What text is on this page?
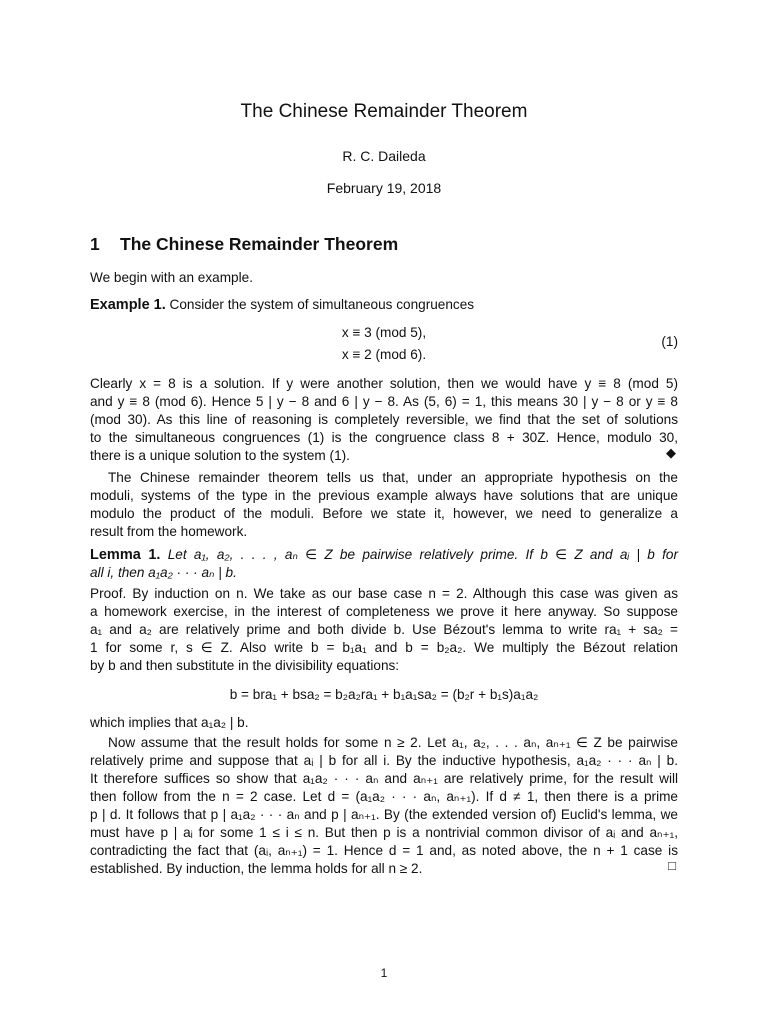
The Chinese Remainder Theorem
R. C. Daileda
February 19, 2018
1 The Chinese Remainder Theorem
We begin with an example.
Example 1. Consider the system of simultaneous congruences
x ≡ 3 (mod 5),
x ≡ 2 (mod 6).
(1)
Clearly x = 8 is a solution. If y were another solution, then we would have y ≡ 8 (mod 5)
and y ≡ 8 (mod 6). Hence 5 | y − 8 and 6 | y − 8. As (5, 6) = 1, this means 30 | y − 8 or y ≡ 8
(mod 30). As this line of reasoning is completely reversible, we find that the set of solutions
to the simultaneous congruences (1) is the congruence class 8 + 30Z. Hence, modulo 30,
there is a unique solution to the system (1).	◆
The Chinese remainder theorem tells us that, under an appropriate hypothesis on the
moduli, systems of the type in the previous example always have solutions that are unique
modulo the product of the moduli. Before we state it, however, we need to generalize a
result from the homework.
Lemma 1. Let a₁, a₂, . . . , aₙ ∈ Z be pairwise relatively prime. If b ∈ Z and aᵢ | b for
all i, then a₁a₂ · · · aₙ | b.
Proof. By induction on n. We take as our base case n = 2. Although this case was given as
a homework exercise, in the interest of completeness we prove it here anyway. So suppose
a₁ and a₂ are relatively prime and both divide b. Use Bézout's lemma to write ra₁ + sa₂ =
1 for some r, s ∈ Z. Also write b = b₁a₁ and b = b₂a₂. We multiply the Bézout relation
by b and then substitute in the divisibility equations:
b = bra₁ + bsa₂ = b₂a₂ra₁ + b₁a₁sa₂ = (b₂r + b₁s)a₁a₂
which implies that a₁a₂ | b.
Now assume that the result holds for some n ≥ 2. Let a₁, a₂, . . . aₙ, aₙ₊₁ ∈ Z be pairwise
relatively prime and suppose that aᵢ | b for all i. By the inductive hypothesis, a₁a₂ · · · aₙ | b.
It therefore suffices so show that a₁a₂ · · · aₙ and aₙ₊₁ are relatively prime, for the result will
then follow from the n = 2 case. Let d = (a₁a₂ · · · aₙ, aₙ₊₁). If d ≠ 1, then there is a prime
p | d. It follows that p | a₁a₂ · · · aₙ and p | aₙ₊₁. By (the extended version of) Euclid's lemma, we
must have p | aᵢ for some 1 ≤ i ≤ n. But then p is a nontrivial common divisor of aᵢ and aₙ₊₁,
contradicting the fact that (aᵢ, aₙ₊₁) = 1. Hence d = 1 and, as noted above, the n + 1 case is
established. By induction, the lemma holds for all n ≥ 2.	□
1
